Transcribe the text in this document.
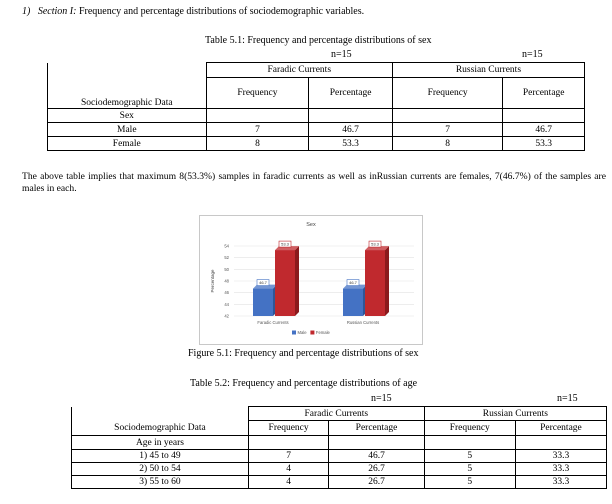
1) Section I: Frequency and percentage distributions of sociodemographic variables.
Table 5.1: Frequency and percentage distributions of sex
n=15	n=15
	Faradic Currents		Russian Currents	
Sociodemographic Data	Frequency	Percentage	Frequency	Percentage
Sex				
Male	7	46.7	7	46.7
Female	8	53.3	8	53.3
The above table implies that maximum 8(53.3%) samples in faradic currents as well as inRussian currents are females, 7(46.7%) of the samples are males in each.
Sex
Percentage
42
44
46
48
50
52
54
46.7
53.3
Faradic Currents
46.7
53.3
Russian Currents
Male Female
Figure 5.1: Frequency and percentage distributions of sex
Table 5.2: Frequency and percentage distributions of age
n=15	n=15
	Faradic Currents		Russian Currents	
Sociodemographic Data	Frequency	Percentage	Frequency	Percentage
Age in years				
1) 45 to 49	7	46.7	5	33.3
2) 50 to 54	4	26.7	5	33.3
3) 55 to 60	4	26.7	5	33.3
